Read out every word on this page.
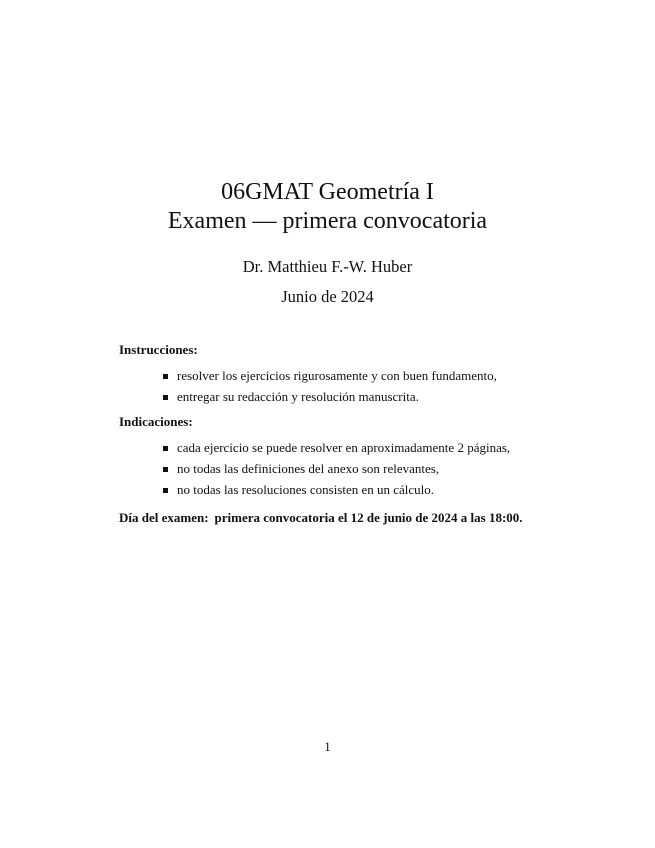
06GMAT Geometría I
Examen — primera convocatoria
Dr. Matthieu F.-W. Huber
Junio de 2024
Instrucciones:
resolver los ejercicios rigurosamente y con buen fundamento,
entregar su redacción y resolución manuscrita.
Indicaciones:
cada ejercicio se puede resolver en aproximadamente 2 páginas,
no todas las definiciones del anexo son relevantes,
no todas las resoluciones consisten en un cálculo.
Día del examen: primera convocatoria el 12 de junio de 2024 a las 18:00.
1
